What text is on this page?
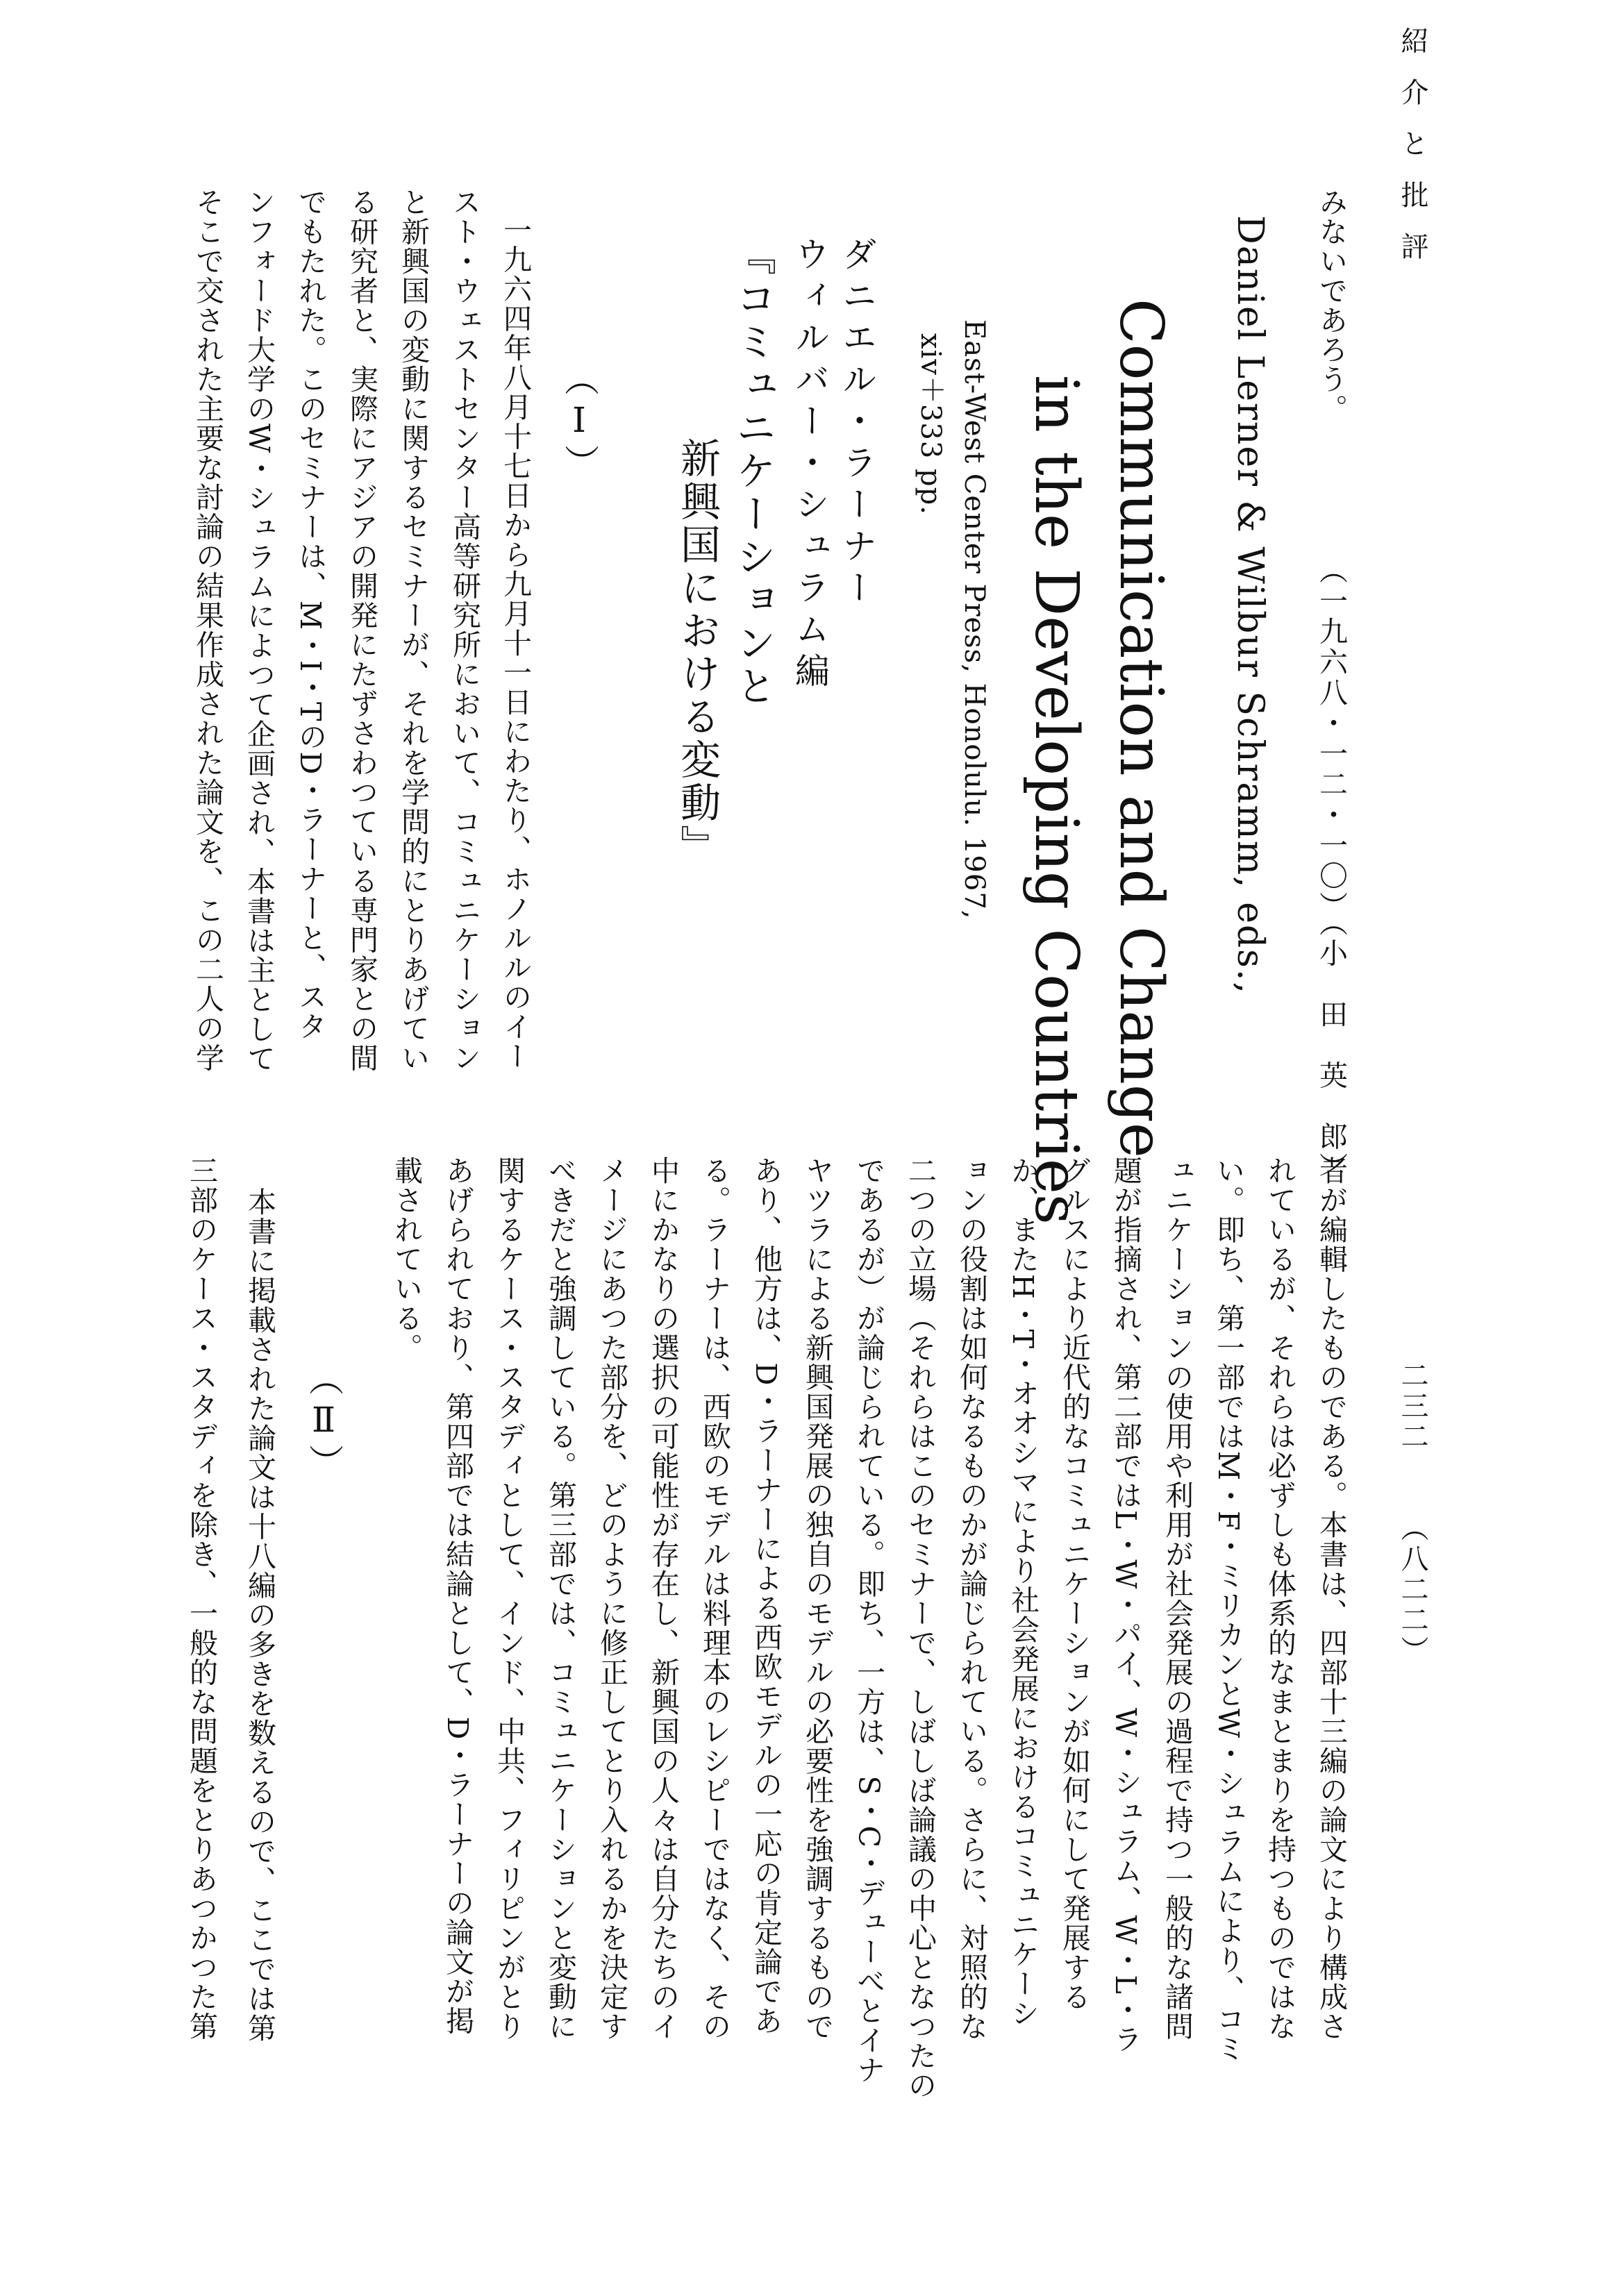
紹介と批評
二三二
（八二二）
みないであろう。
（一九六八・一二・一〇）（小　田　英　郎）
Daniel Lerner & Wilbur Schramm, eds.,
Communication and Change
in the Developing Countries
East-West Center Press, Honolulu. 1967,
xiv＋333 pp.
ダニエル・ラーナー
ウィルバー・シュラム編
『コミュニケーションと
新興国における変動』
（Ⅰ）
一九六四年八月十七日から九月十一日にわたり、ホノルルのイー
スト・ウェストセンター高等研究所において、コミュニケーション
と新興国の変動に関するセミナーが、それを学問的にとりあげてい
る研究者と、実際にアジアの開発にたずさわつている専門家との間
でもたれた。このセミナーは、M・I・TのD・ラーナーと、スタ
ンフォード大学のW・シュラムによつて企画され、本書は主として
そこで交された主要な討論の結果作成された論文を、この二人の学
者が編輯したものである。本書は、四部十三編の論文により構成さ
れているが、それらは必ずしも体系的なまとまりを持つものではな
い。即ち、第一部ではM・F・ミリカンとW・シュラムにより、コミ
ュニケーションの使用や利用が社会発展の過程で持つ一般的な諸問
題が指摘され、第二部ではL・W・パイ、W・シュラム、W・L・ラ
グルスにより近代的なコミュニケーションが如何にして発展する
か、またH・T・オオシマにより社会発展におけるコミュニケーシ
ョンの役割は如何なるものかが論じられている。さらに、対照的な
二つの立場（それらはこのセミナーで、しばしば論議の中心となつたの
であるが）が論じられている。即ち、一方は、S・C・デューべとイナ
ヤツラによる新興国発展の独自のモデルの必要性を強調するもので
あり、他方は、D・ラーナーによる西欧モデルの一応の肯定論であ
る。ラーナーは、西欧のモデルは料理本のレシピーではなく、その
中にかなりの選択の可能性が存在し、新興国の人々は自分たちのイ
メージにあつた部分を、どのように修正してとり入れるかを決定す
べきだと強調している。第三部では、コミュニケーションと変動に
関するケース・スタディとして、インド、中共、フィリピンがとり
あげられており、第四部では結論として、D・ラーナーの論文が掲
載されている。
（Ⅱ）
本書に掲載された論文は十八編の多きを数えるので、ここでは第
三部のケース・スタディを除き、一般的な問題をとりあつかつた第
